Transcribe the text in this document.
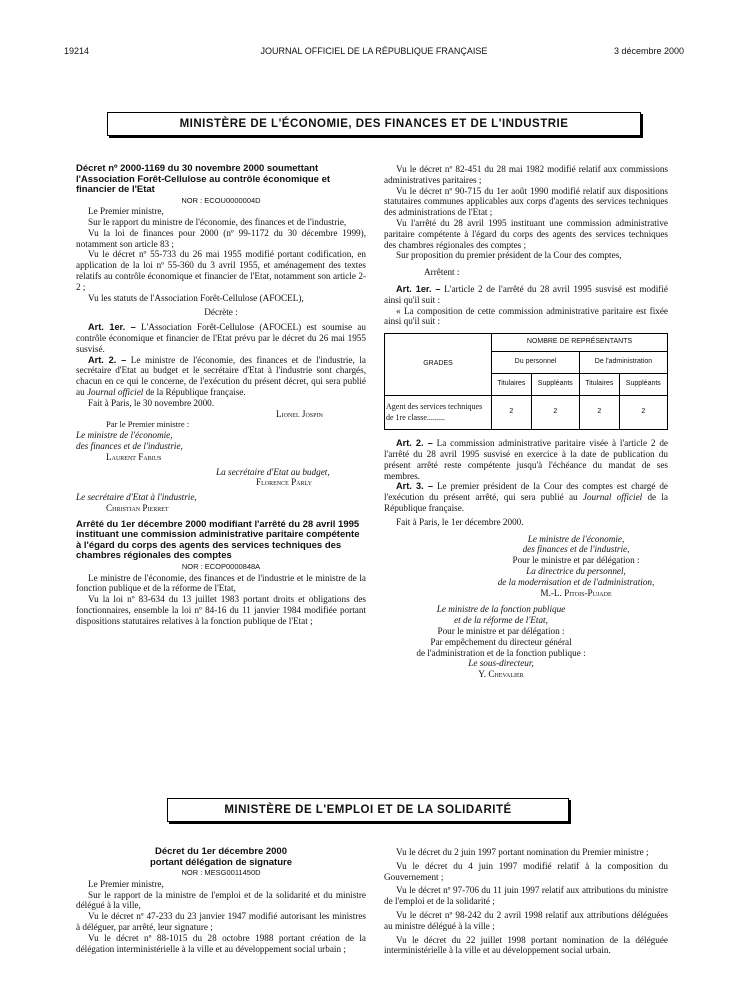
19214	JOURNAL OFFICIEL DE LA RÉPUBLIQUE FRANÇAISE	3 décembre 2000
MINISTÈRE DE L'ÉCONOMIE, DES FINANCES ET DE L'INDUSTRIE

Décret nº 2000-1169 du 30 novembre 2000 soumettant l'Association Forêt-Cellulose au contrôle économique et financier de l'Etat

NOR : ECOU0000004D

Le Premier ministre,

Sur le rapport du ministre de l'économie, des finances et de l'industrie,

Vu la loi de finances pour 2000 (nº 99-1172 du 30 décembre 1999), notamment son article 83 ;

Vu le décret nº 55-733 du 26 mai 1955 modifié portant codification, en application de la loi nº 55-360 du 3 avril 1955, et aménagement des textes relatifs au contrôle économique et financier de l'Etat, notamment son article 2-2 ;

Vu les statuts de l'Association Forêt-Cellulose (AFOCEL),

Décrète :

Art. 1er. – L'Association Forêt-Cellulose (AFOCEL) est soumise au contrôle économique et financier de l'Etat prévu par le décret du 26 mai 1955 susvisé.

Art. 2. – Le ministre de l'économie, des finances et de l'industrie, la secrétaire d'Etat au budget et le secrétaire d'Etat à l'industrie sont chargés, chacun en ce qui le concerne, de l'exécution du présent décret, qui sera publié au Journal officiel de la République française.

Fait à Paris, le 30 novembre 2000.

Lionel Jospin

Par le Premier ministre :

Le ministre de l'économie,

des finances et de l'industrie,

Laurent Fabius

La secrétaire d'Etat au budget,

Florence Parly

Le secrétaire d'Etat à l'industrie,

Christian Pierret

Arrêté du 1er décembre 2000 modifiant l'arrêté du 28 avril 1995 instituant une commission administrative paritaire compétente à l'égard du corps des agents des services techniques des chambres régionales des comptes

NOR : ECOP0000848A

Le ministre de l'économie, des finances et de l'industrie et le ministre de la fonction publique et de la réforme de l'Etat,

Vu la loi nº 83-634 du 13 juillet 1983 portant droits et obligations des fonctionnaires, ensemble la loi nº 84-16 du 11 janvier 1984 modifiée portant dispositions statutaires relatives à la fonction publique de l'Etat ;

Vu le décret nº 82-451 du 28 mai 1982 modifié relatif aux commissions administratives paritaires ;

Vu le décret nº 90-715 du 1er août 1990 modifié relatif aux dispositions statutaires communes applicables aux corps d'agents des services techniques des administrations de l'Etat ;

Vu l'arrêté du 28 avril 1995 instituant une commission administrative paritaire compétente à l'égard du corps des agents des services techniques des chambres régionales des comptes ;

Sur proposition du premier président de la Cour des comptes,

Arrêtent :

Art. 1er. – L'article 2 de l'arrêté du 28 avril 1995 susvisé est modifié ainsi qu'il suit :

« La composition de cette commission administrative paritaire est fixée ainsi qu'il suit :

GRADES	NOMBRE DE REPRÉSENTANTS			
	Du personnel		De l'administration	
	Titulaires	Suppléants	Titulaires	Suppléants
Agent des services techniques de 1re classe.........	2	2	2	2

Art. 2. – La commission administrative paritaire visée à l'article 2 de l'arrêté du 28 avril 1995 susvisé en exercice à la date de publication du présent arrêté reste compétente jusqu'à l'échéance du mandat de ses membres.

Art. 3. – Le premier président de la Cour des comptes est chargé de l'exécution du présent arrêté, qui sera publié au Journal officiel de la République française.

Fait à Paris, le 1er décembre 2000.

Le ministre de l'économie,

des finances et de l'industrie,

Pour le ministre et par délégation :

La directrice du personnel,

de la modernisation et de l'administration,

M.-L. Pitois-Pujade

Le ministre de la fonction publique

et de la réforme de l'Etat,

Pour le ministre et par délégation :

Par empêchement du directeur général

de l'administration et de la fonction publique :

Le sous-directeur,

Y. Chevalier

MINISTÈRE DE L'EMPLOI ET DE LA SOLIDARITÉ

Décret du 1er décembre 2000

portant délégation de signature

NOR : MESG0011450D

Le Premier ministre,

Sur le rapport de la ministre de l'emploi et de la solidarité et du ministre délégué à la ville,

Vu le décret nº 47-233 du 23 janvier 1947 modifié autorisant les ministres à déléguer, par arrêté, leur signature ;

Vu le décret nº 88-1015 du 28 octobre 1988 portant création de la délégation interministérielle à la ville et au développement social urbain ;

Vu le décret du 2 juin 1997 portant nomination du Premier ministre ;

Vu le décret du 4 juin 1997 modifié relatif à la composition du Gouvernement ;

Vu le décret nº 97-706 du 11 juin 1997 relatif aux attributions du ministre de l'emploi et de la solidarité ;

Vu le décret nº 98-242 du 2 avril 1998 relatif aux attributions déléguées au ministre délégué à la ville ;

Vu le décret du 22 juillet 1998 portant nomination de la déléguée interministérielle à la ville et au développement social urbain.
